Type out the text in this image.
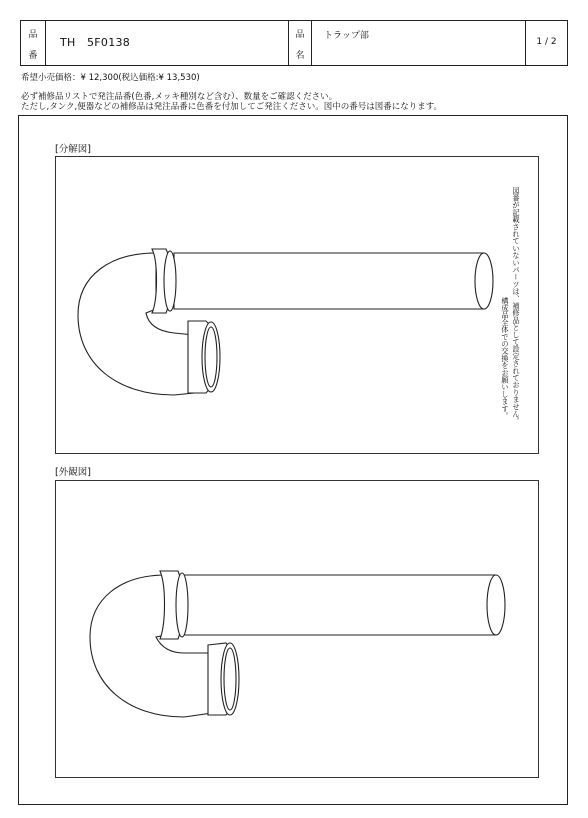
品
番
TH   5F0138
品
名
トラップ部
1 / 2
希望小売価格：¥ 12,300(税込価格:¥ 13,530)
必ず補修品リストで発注品番(色番,メッキ種別など含む）、数量をご確認ください。
ただし,タンク,便器などの補修品は発注品番に色番を付加してご発注ください。図中の番号は図番になります。
[分解図]
図番が記載されていないパーツは、補修品として設定されておりません。
構成品全体での交換をお願いします。
[外観図]
